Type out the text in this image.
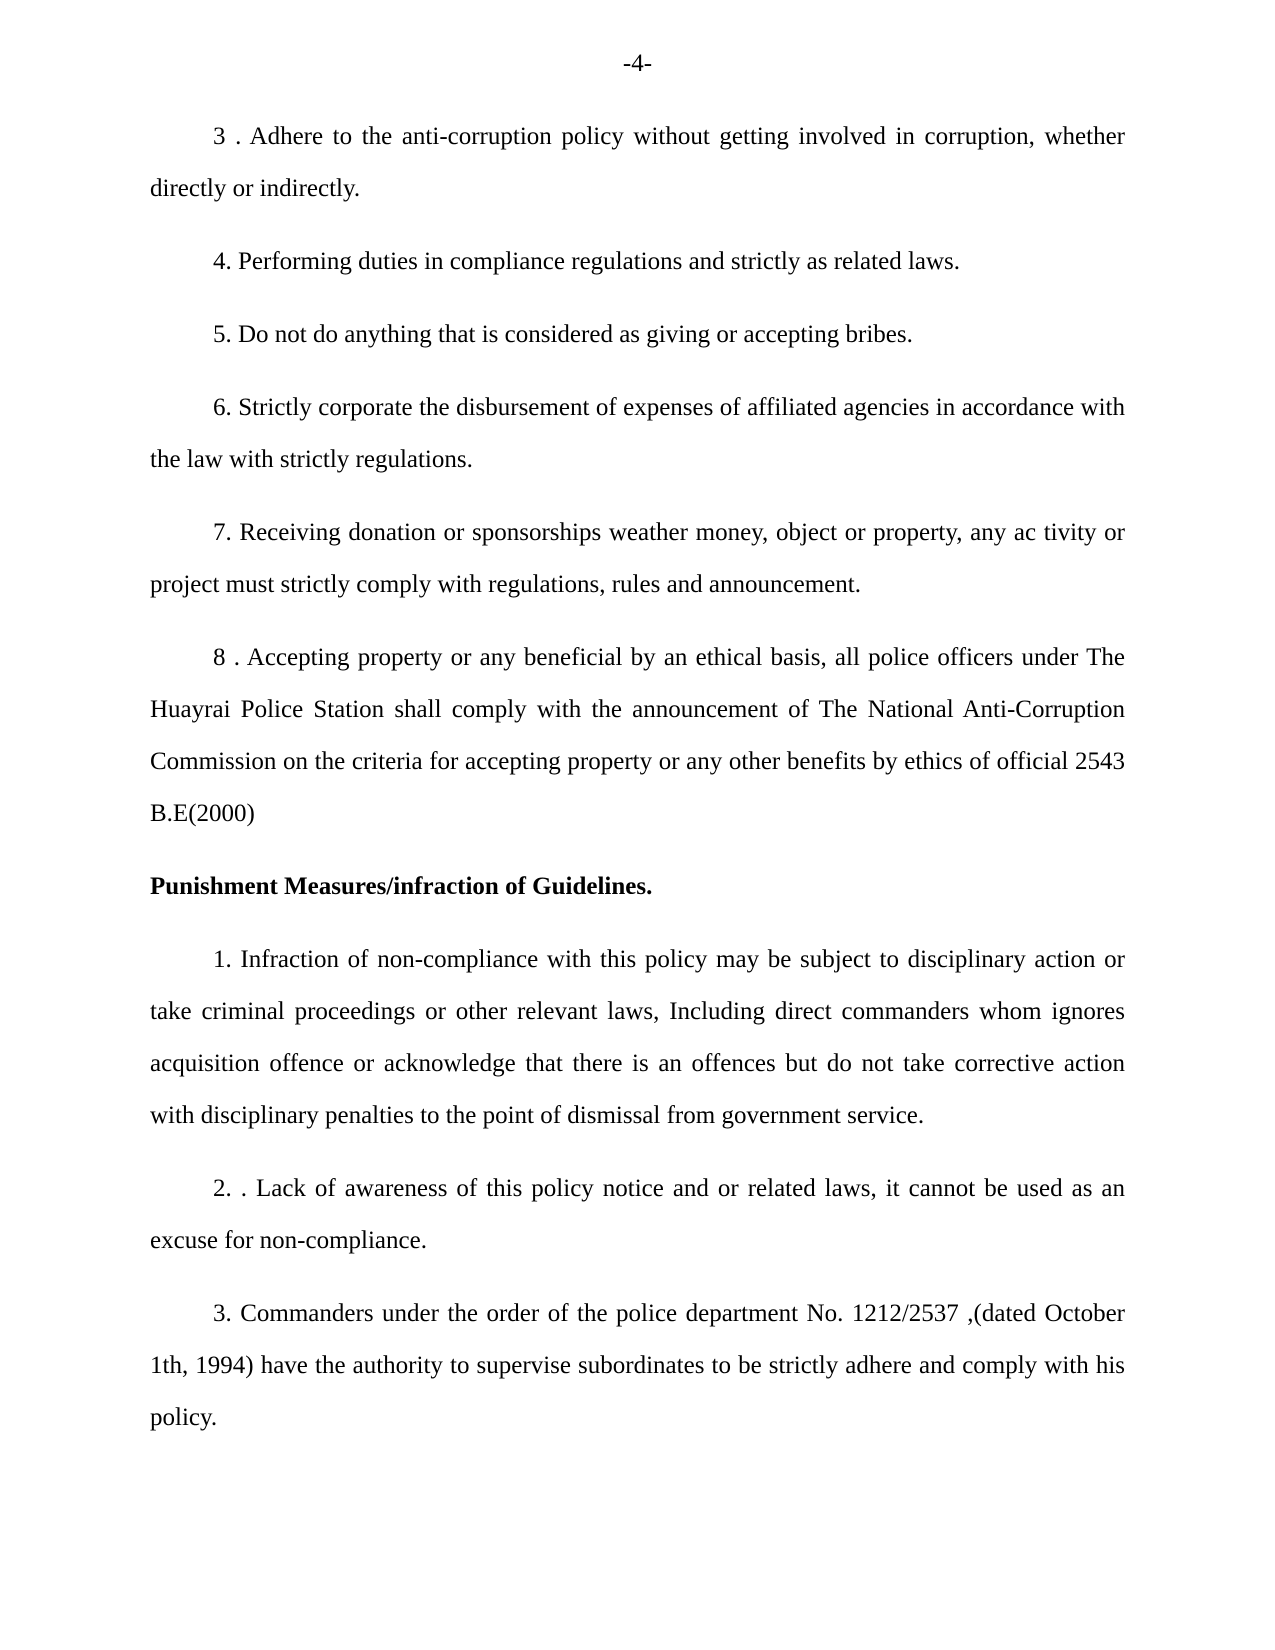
-4-

3 . Adhere to the anti-corruption policy without getting involved in corruption, whether directly or indirectly.

4. Performing duties in compliance regulations and strictly as related laws.

5. Do not do anything that is considered as giving or accepting bribes.

6. Strictly corporate the disbursement of expenses of affiliated agencies in accordance with the law with strictly regulations.

7. Receiving donation or sponsorships weather money, object or property, any ac tivity or project must strictly comply with regulations, rules and announcement.

8 . Accepting property or any beneficial by an ethical basis, all police officers under The Huayrai Police Station shall comply with the announcement of The National Anti-Corruption Commission on the criteria for accepting property or any other benefits by ethics of official 2543 B.E(2000)

Punishment Measures/infraction of Guidelines.

1. Infraction of non-compliance with this policy may be subject to disciplinary action or take criminal proceedings or other relevant laws, Including direct commanders whom ignores acquisition offence or acknowledge that there is an offences but do not take corrective action with disciplinary penalties to the point of dismissal from government service.

2. . Lack of awareness of this policy notice and or related laws, it cannot be used as an excuse for non-compliance.

3. Commanders under the order of the police department No. 1212/2537 ,(dated October 1th, 1994) have the authority to supervise subordinates to be strictly adhere and comply with his policy.
